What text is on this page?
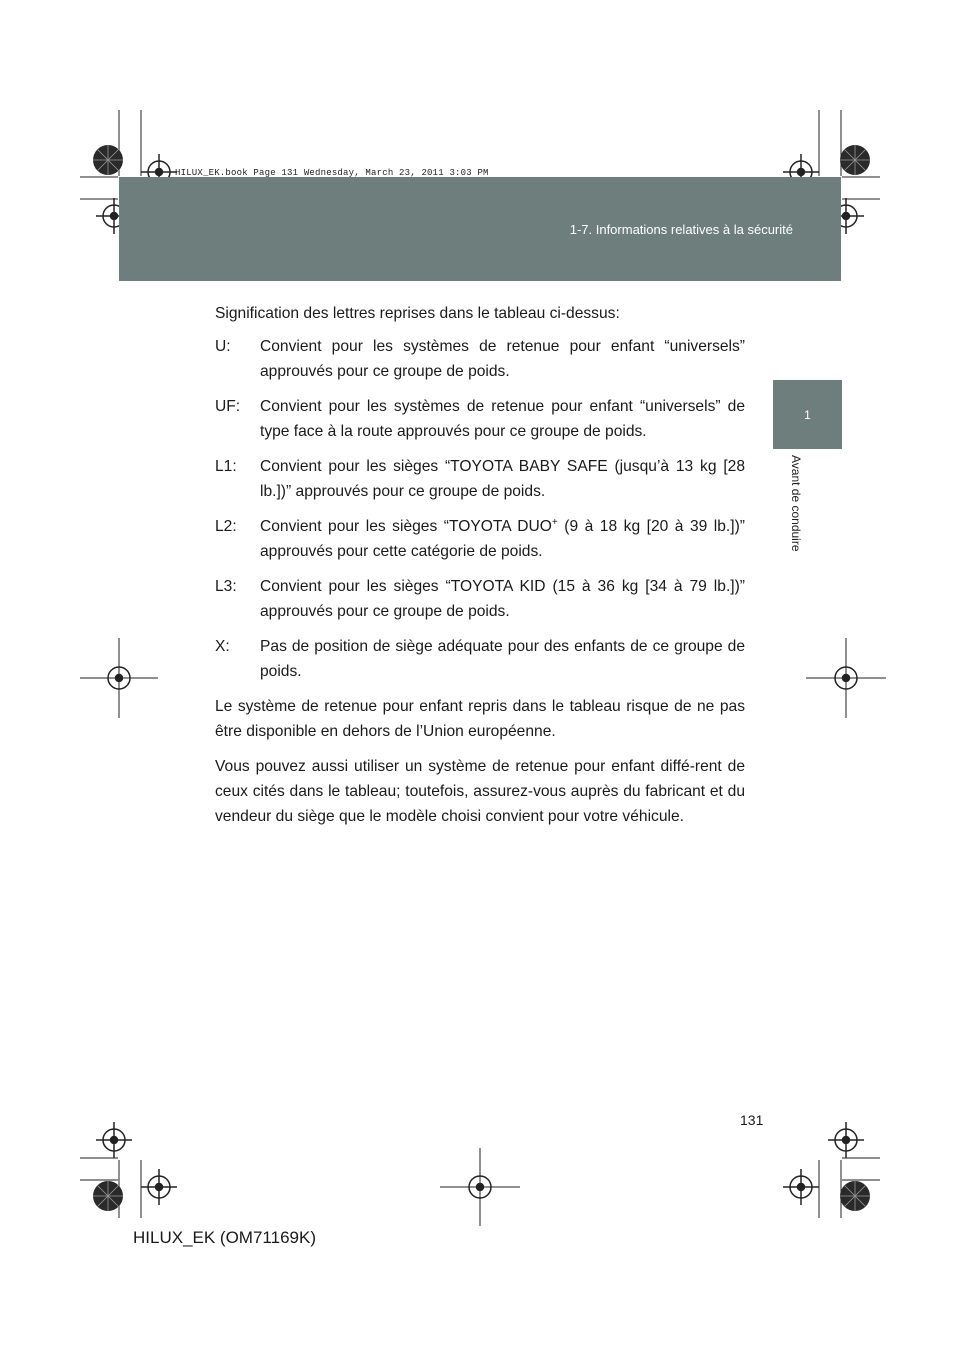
HILUX_EK.book Page 131 Wednesday, March 23, 2011 3:03 PM
1-7. Informations relatives à la sécurité
1
Avant de conduire

Signification des lettres reprises dans le tableau ci-dessus:

U:	Convient pour les systèmes de retenue pour enfant “universels” approuvés pour ce groupe de poids.
UF:	Convient pour les systèmes de retenue pour enfant “universels” de type face à la route approuvés pour ce groupe de poids.
L1:	Convient pour les sièges “TOYOTA BABY SAFE (jusqu’à 13 kg [28 lb.])” approuvés pour ce groupe de poids.
L2:	Convient pour les sièges “TOYOTA DUO+ (9 à 18 kg [20 à 39 lb.])” approuvés pour cette catégorie de poids.
L3:	Convient pour les sièges “TOYOTA KID (15 à 36 kg [34 à 79 lb.])” approuvés pour ce groupe de poids.
X:	Pas de position de siège adéquate pour des enfants de ce groupe de poids.

Le système de retenue pour enfant repris dans le tableau risque de ne pas être disponible en dehors de l’Union européenne.

Vous pouvez aussi utiliser un système de retenue pour enfant diffé-rent de ceux cités dans le tableau; toutefois, assurez-vous auprès du fabricant et du vendeur du siège que le modèle choisi convient pour votre véhicule.

131
HILUX_EK (OM71169K)
